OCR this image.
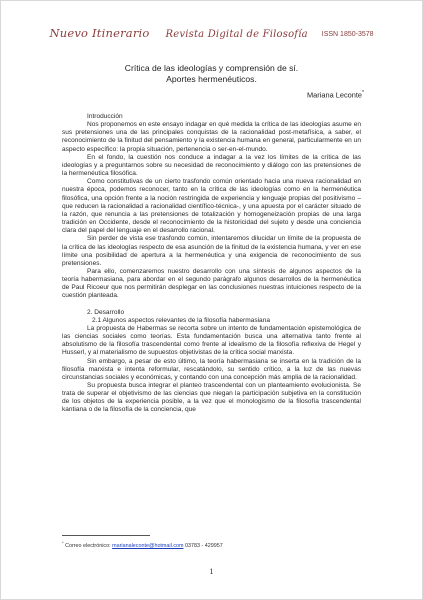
Nuevo Itinerario Revista Digital de Filosofía ISSN 1850-3578
Crítica de las ideologías y comprensión de sí.
Aportes hermenéuticos.
Mariana Leconte*

Introducción

Nos proponemos en este ensayo indagar en qué medida la crítica de las ideologías asume en sus pretensiones una de las principales conquistas de la racionalidad post-metafísica, a saber, el reconocimiento de la finitud del pensamiento y la existencia humana en general, particularmente en un aspecto específico: la propia situación, pertenencia o ser-en-el-mundo.

En el fondo, la cuestión nos conduce a indagar a la vez los límites de la crítica de las ideologías y a preguntarnos sobre su necesidad de reconocimiento y diálogo con las pretensiones de la hermenéutica filosófica.

Como constitutivas de un cierto trasfondo común orientado hacia una nueva racionalidad en nuestra época, podemos reconocer, tanto en la crítica de las ideologías como en la hermenéutica filosófica, una opción frente a la noción restringida de experiencia y lenguaje propias del positivismo –que reducen la racionalidad a racionalidad científico-técnica-, y una apuesta por el carácter situado de la razón, que renuncia a las pretensiones de totalización y homogeneización propias de una larga tradición en Occidente, desde el reconocimiento de la historicidad del sujeto y desde una conciencia clara del papel del lenguaje en el desarrollo racional.

Sin perder de vista ese trasfondo común, intentaremos dilucidar un límite de la propuesta de la crítica de las ideologías respecto de esa asunción de la finitud de la existencia humana, y ver en ese límite una posibilidad de apertura a la hermenéutica y una exigencia de reconocimiento de sus pretensiones.

Para ello, comenzaremos nuestro desarrollo con una síntesis de algunos aspectos de la teoría habermasiana, para abordar en el segundo parágrafo algunos desarrollos de la hermenéutica de Paul Ricoeur que nos permitirán desplegar en las conclusiones nuestras intuiciones respecto de la cuestión planteada.

2. Desarrollo

2.1 Algunos aspectos relevantes de la filosofía habermasiana

La propuesta de Habermas se recorta sobre un intento de fundamentación epistemológica de las ciencias sociales como teorías. Esta fundamentación busca una alternativa tanto frente al absolutismo de la filosofía trascendental como frente al idealismo de la filosofía reflexiva de Hegel y Husserl, y al materialismo de supuestos objetivistas de la crítica social marxista.

Sin embargo, a pesar de esto último, la teoría habermasiana se inserta en la tradición de la filosofía marxista e intenta reformular, rescatándolo, su sentido crítico, a la luz de las nuevas circunstancias sociales y económicas, y contando con una concepción más amplia de la racionalidad.

Su propuesta busca integrar el planteo trascendental con un planteamiento evolucionista. Se trata de superar el objetivismo de las ciencias que niegan la participación subjetiva en la constitución de los objetos de la experiencia posible, a la vez que el monologismo de la filosofía trascendental kantiana o de la filosofía de la conciencia, que

* Correo electrónico: marianaleconte@hotmail.com 03783 - 429957
1
